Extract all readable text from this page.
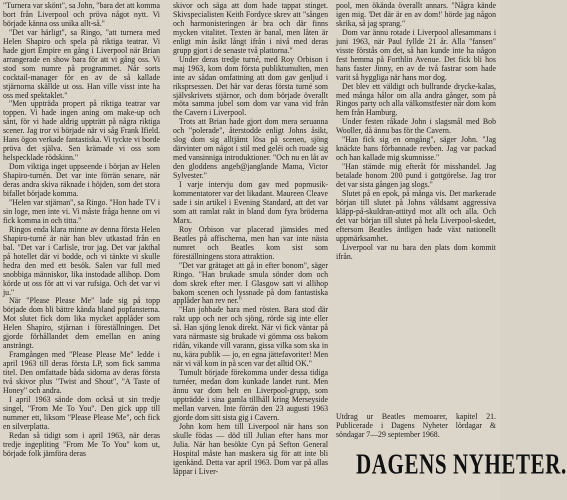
"Turnera var skönt", sa John, "bara det att komma bort från Liverpool och pröva något nytt. Vi började känna oss unika allt-så."

"Det var härligt", sa Ringo, "att turnera med Helen Shapiro och spela på riktiga teatrar. Vi hade gjort Empire en gång i Liverpool när Brian arrangerade en show bara för att vi gång oss. Vi stod som numre på programmet. Når sorts cocktail-manager för en av de så kallade stjärnorna skällde ut oss. Han ville visst inte ha oss med spektaklet."

"Men uppträda propert på riktiga teatrar var toppen. Vi hade ingen aning om make-up och sånt, för vi hade aldrig uppträtt på några riktiga scener. Jag tror vi började när vi såg Frank Ifield. Hans ögon verkade fantastiska. Vi tyckte vi borde pröva det själva. Sen krämade vi oss som helspecklade rödskinn."

Dom viktiga inget uppseende i början av Helen Shapiro-turnén. Det var inte förrän senare, när deras andra skiva räknade i höjden, som det stora bifallet började komma.

"Helen var stjärnan", sa Ringo. "Hon hade TV i sin loge, men inte vi. Vi måste fråga henne om vi fick komma in och titta."

Ringos enda klara minne av denna första Helen Shapiro-turné är när han blev utkastad från en bal. "Det var i Carlisle, tror jag. Det var jakthal på hotellet där vi bodde, och vi tänkte vi skulle hedra den med ett besök. Salen var full med snobbiga människor, lika instodade allihop. Dom körde ut oss för att vi var rufsiga. Och det var vi ju."

När "Please Please Me" lade sig på topp började dom bli bättre kända bland popfansterna. Mot slutet fick dom lika mycket applåder som Helen Shapiro, stjärnan i föreställningen. Det gjorde förhållandet dem emellan en aning ansträngt.

Framgången med "Please Please Me" ledde i april 1963 till deras första LP, som fick samma titel. Den omfattade båda sidorna av deras första två skivor plus "Twist and Shout", "A Taste of Honey" och andra.

I april 1963 sände dom också ut sin tredje singel, "From Me To You". Den gick upp till nummer ett, liksom "Please Please Me", och fick en silverplatta.

Redan så tidigt som i april 1963, när deras tredje ingepliting "From Me To You" kom ut, började folk jämföra deras

skivor och säga att dom hade tappat stinget. Skivspecialisten Keith Fordyce skrev att "sången och harmonisteringen är bra och där finns mycken vitalitet. Texten är banal, men låten är enligt min åsikt långt ifrån i nivå med deras grupp gjort i de senaste två plattorna."

Under deras tredje turné, med Roy Orbison i maj 1963, kom dom första publiktumulten, men inte av sådan omfattning att dom gav genljud i riksprsessen. Det här var deras första turné som självskrivets stjärnor, och dom började överallt möta samma jubel som dom var vana vid från the Cavern i Liverpool.

Trots att Brian hade gjort dom mera seruanna och "polerade", återstodde enligt Johns åsikt, slog dom sig alltjämt lösa på scenen, sjöng därvinter om något i stil med geléi och roade sig med vansinniga introduktioner. "Och nu en låt av den gloddens angeb@janglande Mama, Victor Sylvester."

I varje intervju dom gav med popmusik-kommentatorer var det likadant. Maureen Cleave sade i sin artikel i Evening Standard, att det var som att ramlat rakt in bland dom fyra bröderna Marx.

Roy Orbison var placerad jämsides med Beatles på affischerna, men han var inte nästa numret och Beatles kom sist som föreställningens stora attraktion.

"Det var grätaget att gå in efter bonom", säger Ringo. "Han brukade smula sönder dom och dom skrek efter mer. I Glasgow satt vi allihop bakom scenen och lyssnade på dom fantastiska applåder han rev ner."

"Han jobbade bara med rösten. Bara stod där rakt upp och ner och sjöng, rörde sig inte eller så. Han sjöng lenok direkt. När vi fick väntar på vara närmaste sig brukade vi gömma oss bakom ridån, vikande vill varann, gissa vilka som ska in nu, kära publik — jo, en egna jättefavoriter! Men när vi väl kom in på scen var det alltid OK."

Tumult började förekomma under dessa tidiga turnéer, medan dom kunkade landet runt. Men ännu var dom helt en Liverpool-grupp, som uppträdde i sina gamla tillhåll kring Merseyside mellan varven. Inte förrän den 23 augusti 1963 gjorde dom sitt sista gig i Cavern.

John kom hem till Liverpool när hans son skulle födas — död till Julian efter hans mor Julia. När han besökte Cyn på Sefton General Hospital måste han maskera sig för att inte bli igenkänd. Detta var april 1963. Dom var på allas läppar i Liver-

pool, men ökända överallt annars. "Några kände igen mig. 'Det där är en av dom!' hörde jag någon skrika, så jag sprang."

Dom var ännu rotade i Liverpool allesammans i juni 1963, när Paul fyllde 21 år. Alla "fansen" visste förstås om det, så han kunde inte ha någon fest hemma på Forthlin Avenue. Det fick bli hos hans faster Jinny, en av de två fastrar som hade varit så hyggliga när hans mor dog.

Det blev ett väldigt och bullrande drycke-kalas, med många hålor om alla andra gånger, som på Ringos party och alla välkomstfester när dom kom hem från Hamburg.

Under festen råkade John i slagsmål med Bob Wooller, då ännu bas för the Cavern.

"Han fick sig en omgång", säger John. "Jag knäckte hans förbannade revben. Jag var packad och han kallade mig skumnisse."

"Han stämde mig efteråt för misshandel. Jag betalade honom 200 pund i gottgörelse. Jag tror det var sista gången jag slogs."

Slutet på en epok, på många vis. Det markerade början till slutet på Johns våldsamt aggressiva kläpp-på-skuldran-attityd mot allt och alla. Och det var början till slutet på hela Liverpool-skedet, eftersom Beatles äntligen hade växt nationellt uppmärksamhet.

Liverpool var nu bara den plats dom kommit ifrån.

Utdrag ur Beatles memoarer, kapitel 21. Publicerade i Dagens Nyheter lördagar & söndagar 7—29 september 1968.

DAGENS NYHETER.
